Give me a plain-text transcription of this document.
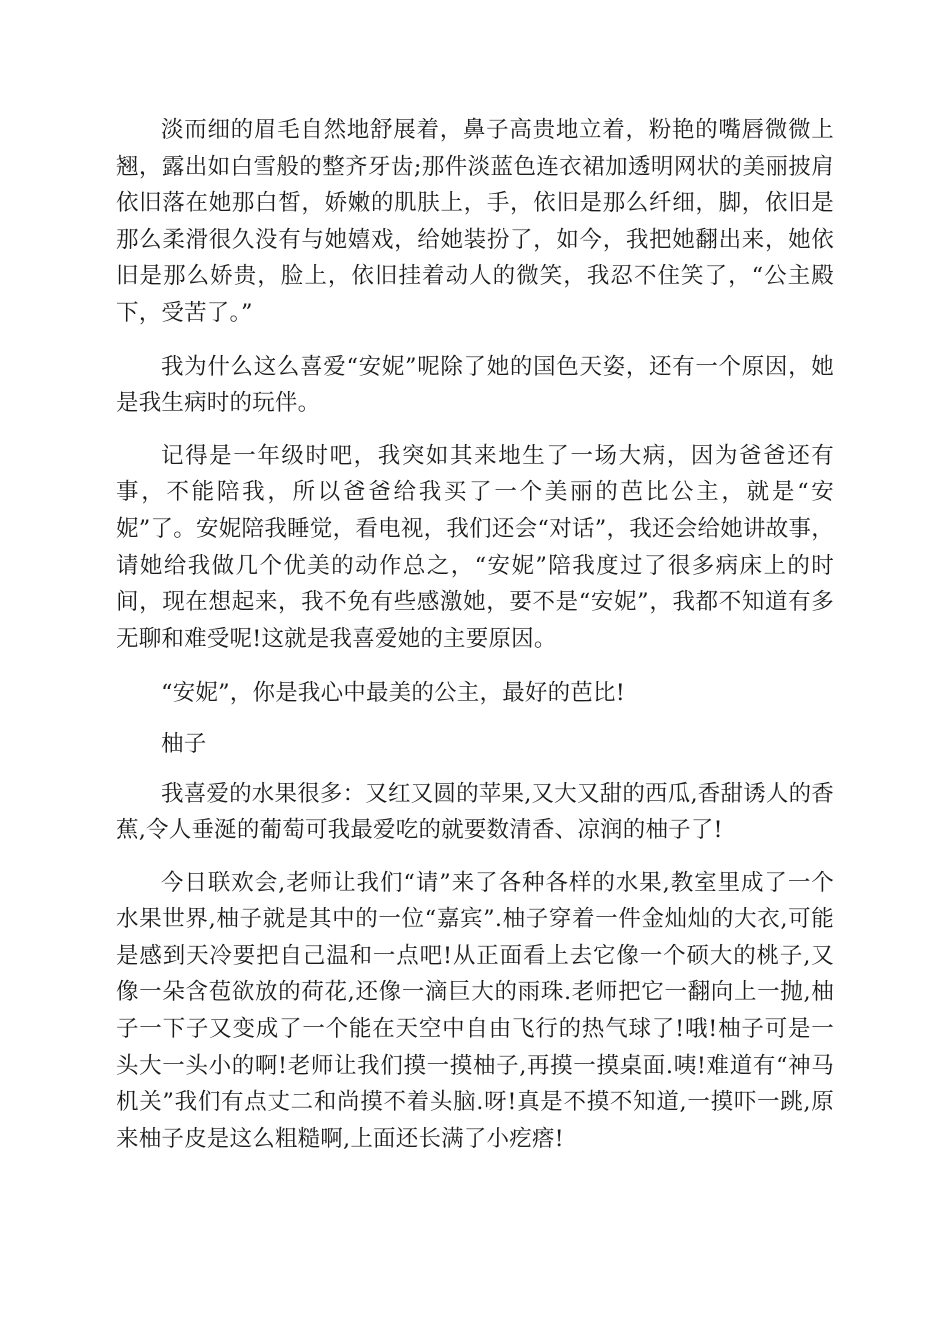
淡而细的眉毛自然地舒展着，鼻子高贵地立着，粉艳的嘴唇微微上翘，露出如白雪般的整齐牙齿;那件淡蓝色连衣裙加透明网状的美丽披肩依旧落在她那白皙，娇嫩的肌肤上，手，依旧是那么纤细，脚，依旧是那么柔滑很久没有与她嬉戏，给她装扮了，如今，我把她翻出来，她依旧是那么娇贵，脸上，依旧挂着动人的微笑，我忍不住笑了，“公主殿下，受苦了。”

我为什么这么喜爱“安妮”呢除了她的国色天姿，还有一个原因，她是我生病时的玩伴。

记得是一年级时吧，我突如其来地生了一场大病，因为爸爸还有事，不能陪我，所以爸爸给我买了一个美丽的芭比公主，就是“安妮”了。安妮陪我睡觉，看电视，我们还会“对话”，我还会给她讲故事，请她给我做几个优美的动作总之，“安妮”陪我度过了很多病床上的时间，现在想起来，我不免有些感激她，要不是“安妮”，我都不知道有多无聊和难受呢!这就是我喜爱她的主要原因。

“安妮”，你是我心中最美的公主，最好的芭比!

柚子

我喜爱的水果很多：又红又圆的苹果,又大又甜的西瓜,香甜诱人的香蕉,令人垂涎的葡萄可我最爱吃的就要数清香、凉润的柚子了!

今日联欢会,老师让我们“请”来了各种各样的水果,教室里成了一个水果世界,柚子就是其中的一位“嘉宾”.柚子穿着一件金灿灿的大衣,可能是感到天冷要把自己温和一点吧!从正面看上去它像一个硕大的桃子,又像一朵含苞欲放的荷花,还像一滴巨大的雨珠.老师把它一翻向上一抛,柚子一下子又变成了一个能在天空中自由飞行的热气球了!哦!柚子可是一头大一头小的啊!老师让我们摸一摸柚子,再摸一摸桌面.咦!难道有“神马机关”我们有点丈二和尚摸不着头脑.呀!真是不摸不知道,一摸吓一跳,原来柚子皮是这么粗糙啊,上面还长满了小疙瘩!
